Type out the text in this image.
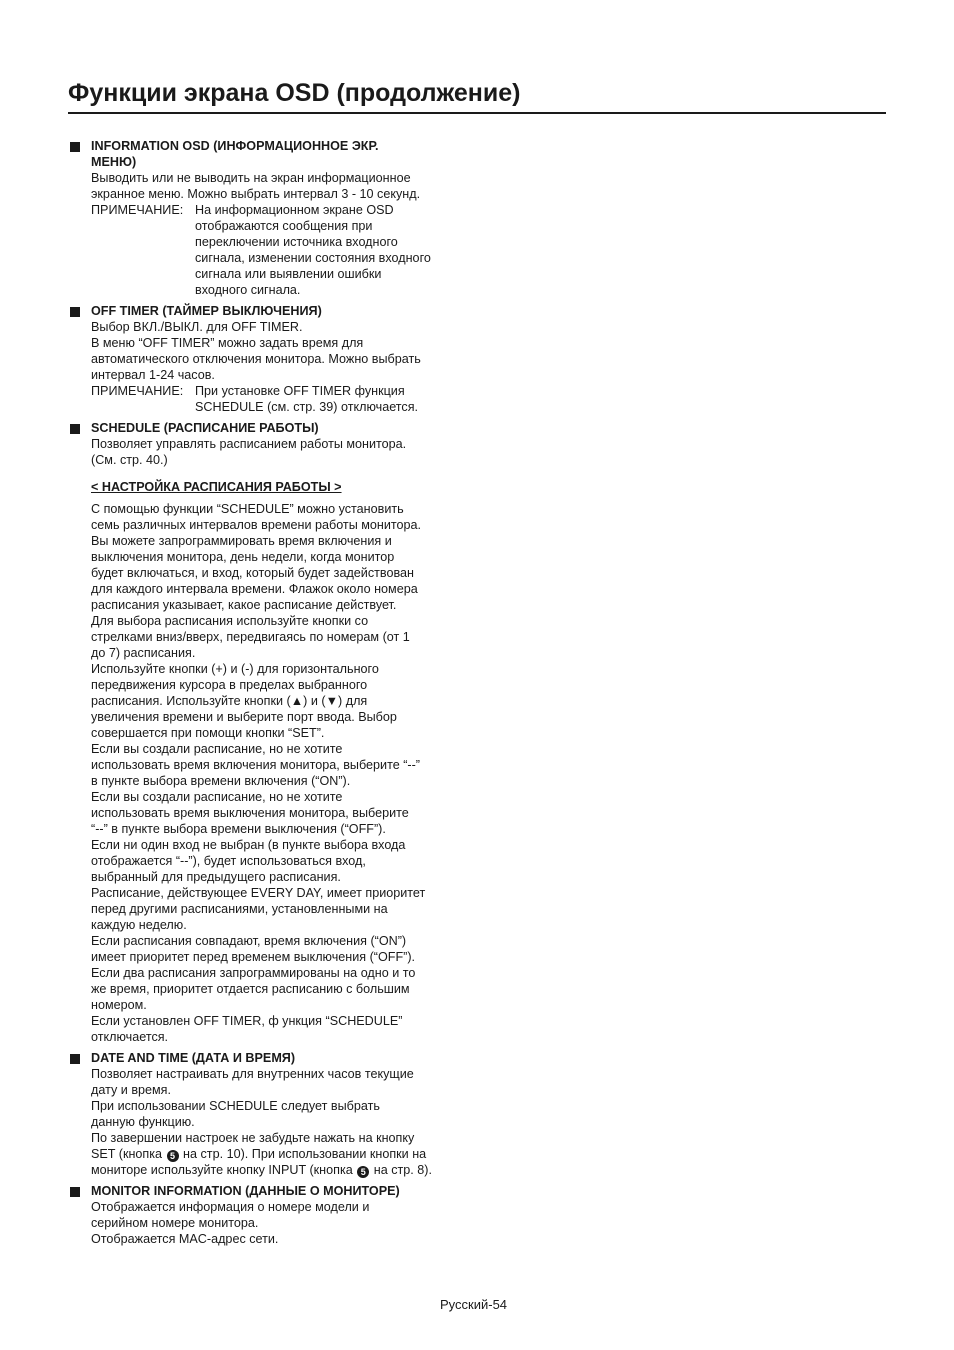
Функции экрана OSD (продолжение)
INFORMATION OSD (ИНФОРМАЦИОННОЕ ЭКР.
МЕНЮ)
Выводить или не выводить на экран информационное
экранное меню. Можно выбрать интервал 3 - 10 секунд.
ПРИМЕЧАНИЕ: На информационном экране OSD
отображаются сообщения при
переключении источника входного
сигнала, изменении состояния входного
сигнала или выявлении ошибки
входного сигнала.
OFF TIMER (ТАЙМЕР ВЫКЛЮЧЕНИЯ)
Выбор ВКЛ./ВЫКЛ. для OFF TIMER.
В меню “OFF TIMER” можно задать время для
автоматического отключения монитора. Можно выбрать
интервал 1-24 часов.
ПРИМЕЧАНИЕ: При установке OFF TIMER функция
SCHEDULE (см. стр. 39) отключается.
SCHEDULE (РАСПИСАНИЕ РАБОТЫ)
Позволяет управлять расписанием работы монитора.
(См. стр. 40.)
< НАСТРОЙКА РАСПИСАНИЯ РАБОТЫ >
С помощью функции “SCHEDULE” можно установить
семь различных интервалов времени работы монитора.
Вы можете запрограммировать время включения и
выключения монитора, день недели, когда монитор
будет включаться, и вход, который будет задействован
для каждого интервала времени. Флажок около номера
расписания указывает, какое расписание действует.
Для выбора расписания используйте кнопки со
стрелками вниз/вверх, передвигаясь по номерам (от 1
до 7) расписания.
Используйте кнопки (+) и (-) для горизонтального
передвижения курсора в пределах выбранного
расписания. Используйте кнопки (▲) и (▼) для
увеличения времени и выберите порт ввода. Выбор
совершается при помощи кнопки “SET”.
Если вы создали расписание, но не хотите
использовать время включения монитора, выберите “--”
в пункте выбора времени включения (“ON”).
Если вы создали расписание, но не хотите
использовать время выключения монитора, выберите
“--” в пункте выбора времени выключения (“OFF”).
Если ни один вход не выбран (в пункте выбора входа
отображается “--”), будет использоваться вход,
выбранный для предыдущего расписания.
Расписание, действующее EVERY DAY, имеет приоритет
перед другими расписаниями, установленными на
каждую неделю.
Если расписания совпадают, время включения (“ON”)
имеет приоритет перед временем выключения (“OFF”).
Если два расписания запрограммированы на одно и то
же время, приоритет отдается расписанию с большим
номером.
Если установлен OFF TIMER, ф ункция “SCHEDULE”
отключается.
DATE AND TIME (ДАТА И ВРЕМЯ)
Позволяет настраивать для внутренних часов текущие
дату и время.
При использовании SCHEDULE следует выбрать
данную функцию.
По завершении настроек не забудьте нажать на кнопку
SET (кнопка 5 на стр. 10). При использовании кнопки на
мониторе используйте кнопку INPUT (кнопка 5 на стр. 8).
MONITOR INFORMATION (ДАННЫЕ О МОНИТОРЕ)
Отображается информация о номере модели и
серийном номере монитора.
Отображается MAC-адрес сети.
Русский-54
